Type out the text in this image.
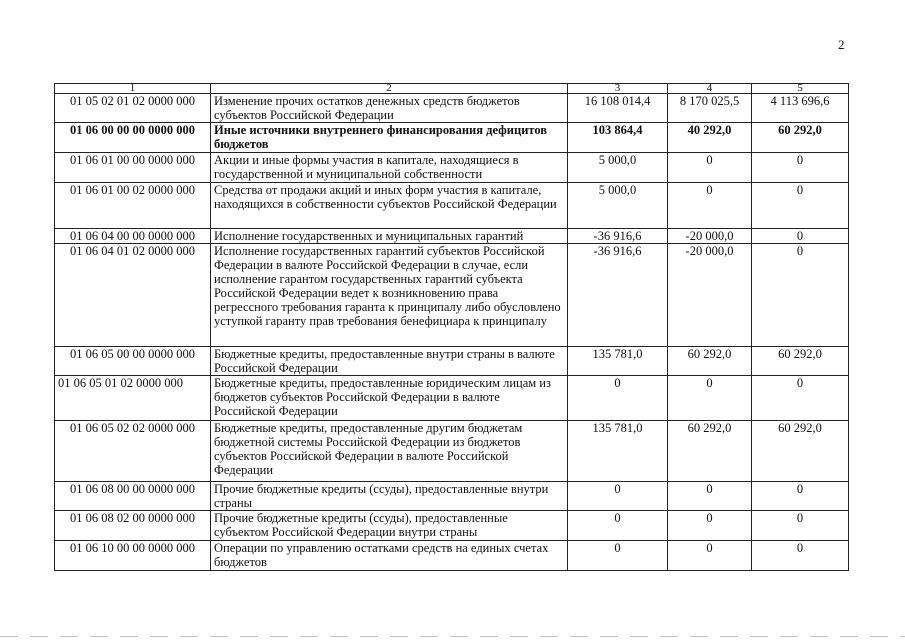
2
1	2	3	4	5
01 05 02 01 02 0000 000	Изменение прочих остатков денежных средств бюджетов субъектов Российской Федерации	16 108 014,4	8 170 025,5	4 113 696,6
01 06 00 00 00 0000 000	Иные источники внутреннего финансирования дефицитов бюджетов	103 864,4	40 292,0	60 292,0
01 06 01 00 00 0000 000	Акции и иные формы участия в капитале, находящиеся в государственной и муниципальной собственности	5 000,0	0	0
01 06 01 00 02 0000 000	Средства от продажи акций и иных форм участия в капитале, находящихся в собственности субъектов Российской Федерации	5 000,0	0	0
01 06 04 00 00 0000 000	Исполнение государственных и муниципальных гарантий	-36 916,6	-20 000,0	0
01 06 04 01 02 0000 000	Исполнение государственных гарантий субъектов Российской Федерации в валюте Российской Федерации в случае, если исполнение гарантом государственных гарантий субъекта Российской Федерации ведет к возникновению права регрессного требования гаранта к принципалу либо обусловлено уступкой гаранту прав требования бенефициара к принципалу	-36 916,6	-20 000,0	0
01 06 05 00 00 0000 000	Бюджетные кредиты, предоставленные внутри страны в валюте Российской Федерации	135 781,0	60 292,0	60 292,0
01 06 05 01 02 0000 000	Бюджетные кредиты, предоставленные юридическим лицам из бюджетов субъектов Российской Федерации в валюте Российской Федерации	0	0	0
01 06 05 02 02 0000 000	Бюджетные кредиты, предоставленные другим бюджетам бюджетной системы Российской Федерации из бюджетов субъектов Российской Федерации в валюте Российской Федерации	135 781,0	60 292,0	60 292,0
01 06 08 00 00 0000 000	Прочие бюджетные кредиты (ссуды), предоставленные внутри страны	0	0	0
01 06 08 02 00 0000 000	Прочие бюджетные кредиты (ссуды), предоставленные субъектом Российской Федерации внутри страны	0	0	0
01 06 10 00 00 0000 000	Операции по управлению остатками средств на единых счетах бюджетов	0	0	0
